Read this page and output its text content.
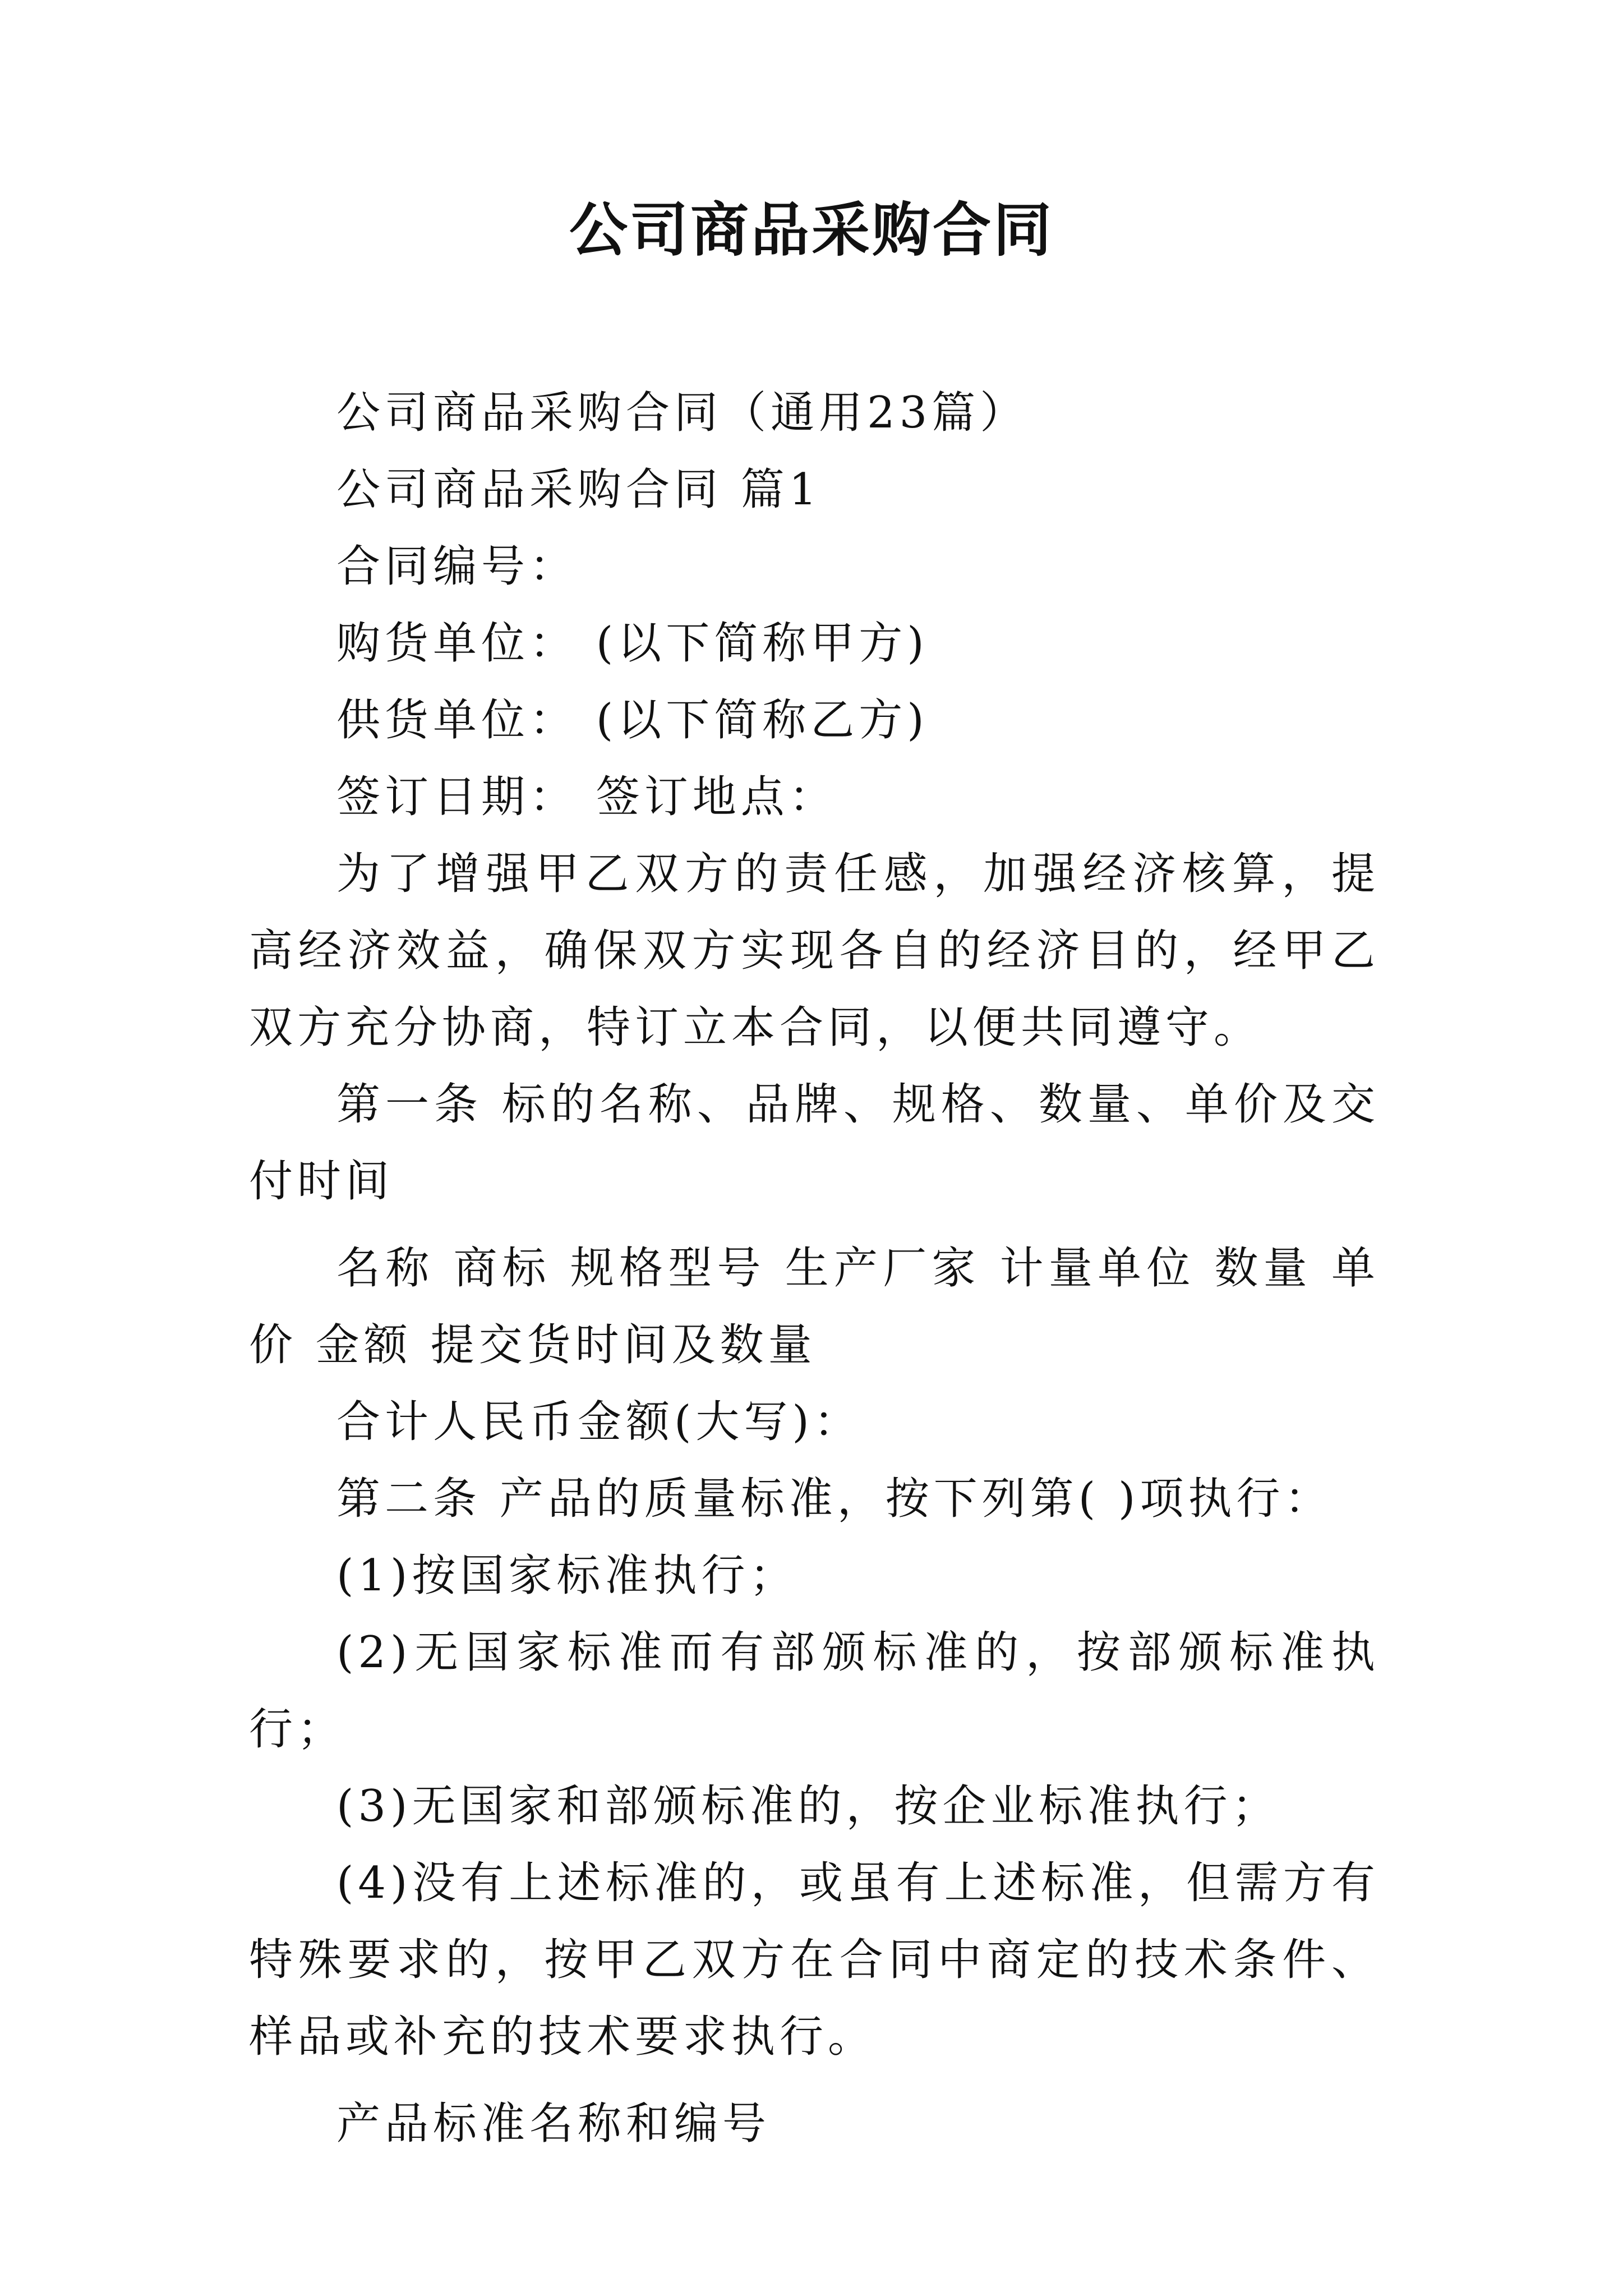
公司商品采购合同

公司商品采购合同（通用23篇）

公司商品采购合同 篇1

合同编号：

购货单位： (以下简称甲方)

供货单位： (以下简称乙方)

签订日期： 签订地点：

为了增强甲乙双方的责任感，加强经济核算，提高经济效益，确保双方实现各自的经济目的，经甲乙双方充分协商，特订立本合同，以便共同遵守。

第一条 标的名称、品牌、规格、数量、单价及交付时间

名称 商标 规格型号 生产厂家 计量单位 数量 单价 金额 提交货时间及数量

合计人民币金额(大写)：

第二条 产品的质量标准，按下列第( )项执行：

(1)按国家标准执行；

(2)无国家标准而有部颁标准的，按部颁标准执行；

(3)无国家和部颁标准的，按企业标准执行；

(4)没有上述标准的，或虽有上述标准，但需方有特殊要求的，按甲乙双方在合同中商定的技术条件、样品或补充的技术要求执行。

产品标准名称和编号
